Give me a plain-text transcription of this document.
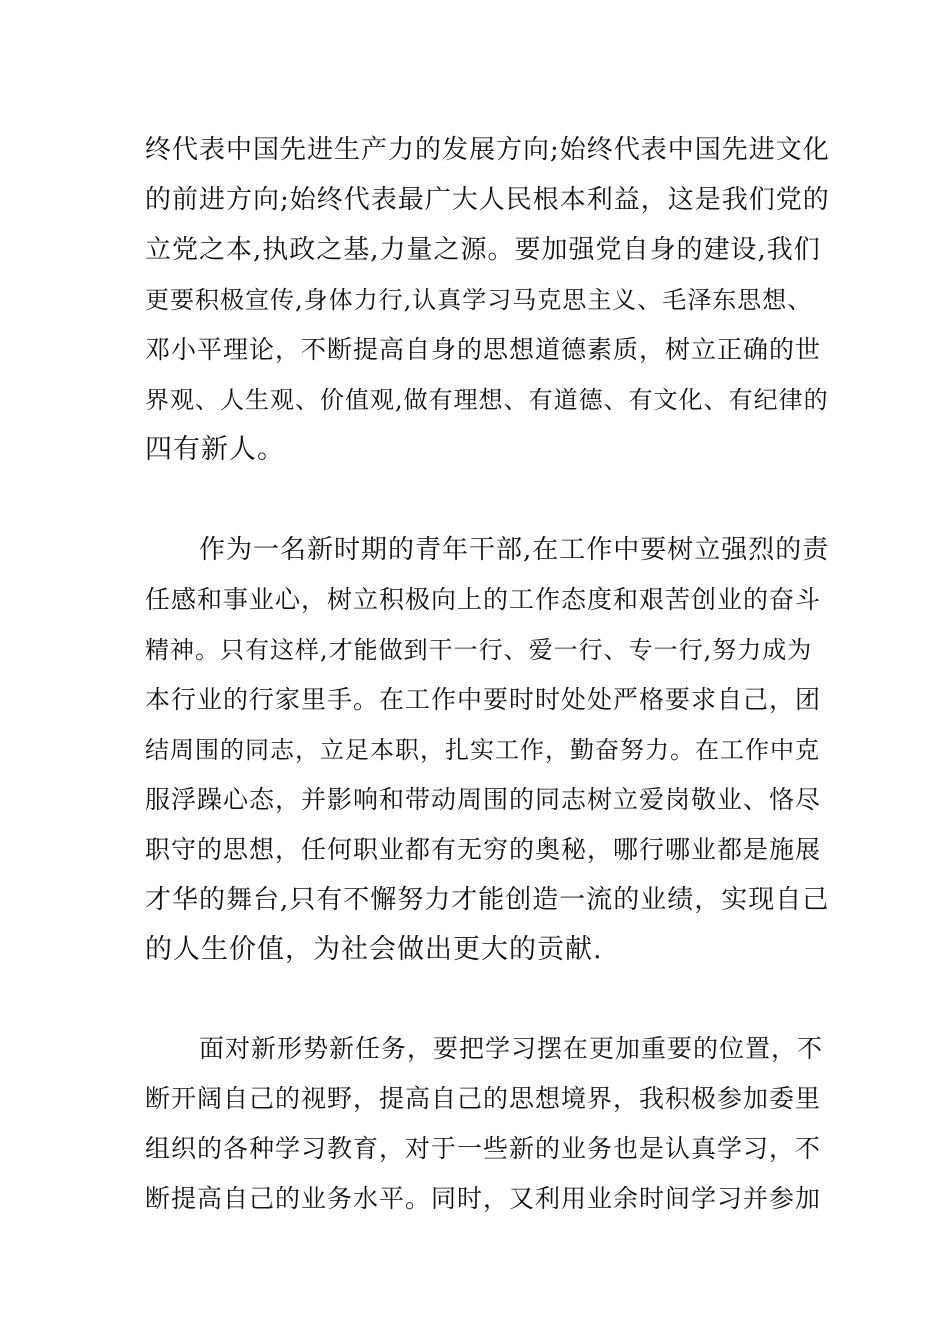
终代表中国先进生产力的发展方向;始终代表中国先进文化
的前进方向;始终代表最广大人民根本利益，这是我们党的
立党之本,执政之基,力量之源。要加强党自身的建设,我们
更要积极宣传,身体力行,认真学习马克思主义、毛泽东思想、
邓小平理论，不断提高自身的思想道德素质，树立正确的世
界观、人生观、价值观,做有理想、有道德、有文化、有纪律的
四有新人。
作为一名新时期的青年干部,在工作中要树立强烈的责
任感和事业心，树立积极向上的工作态度和艰苦创业的奋斗
精神。只有这样,才能做到干一行、爱一行、专一行,努力成为
本行业的行家里手。在工作中要时时处处严格要求自己，团
结周围的同志，立足本职，扎实工作，勤奋努力。在工作中克
服浮躁心态，并影响和带动周围的同志树立爱岗敬业、恪尽
职守的思想，任何职业都有无穷的奥秘，哪行哪业都是施展
才华的舞台,只有不懈努力才能创造一流的业绩，实现自己
的人生价值，为社会做出更大的贡献.
面对新形势新任务，要把学习摆在更加重要的位置，不
断开阔自己的视野，提高自己的思想境界，我积极参加委里
组织的各种学习教育，对于一些新的业务也是认真学习，不
断提高自己的业务水平。同时，又利用业余时间学习并参加
